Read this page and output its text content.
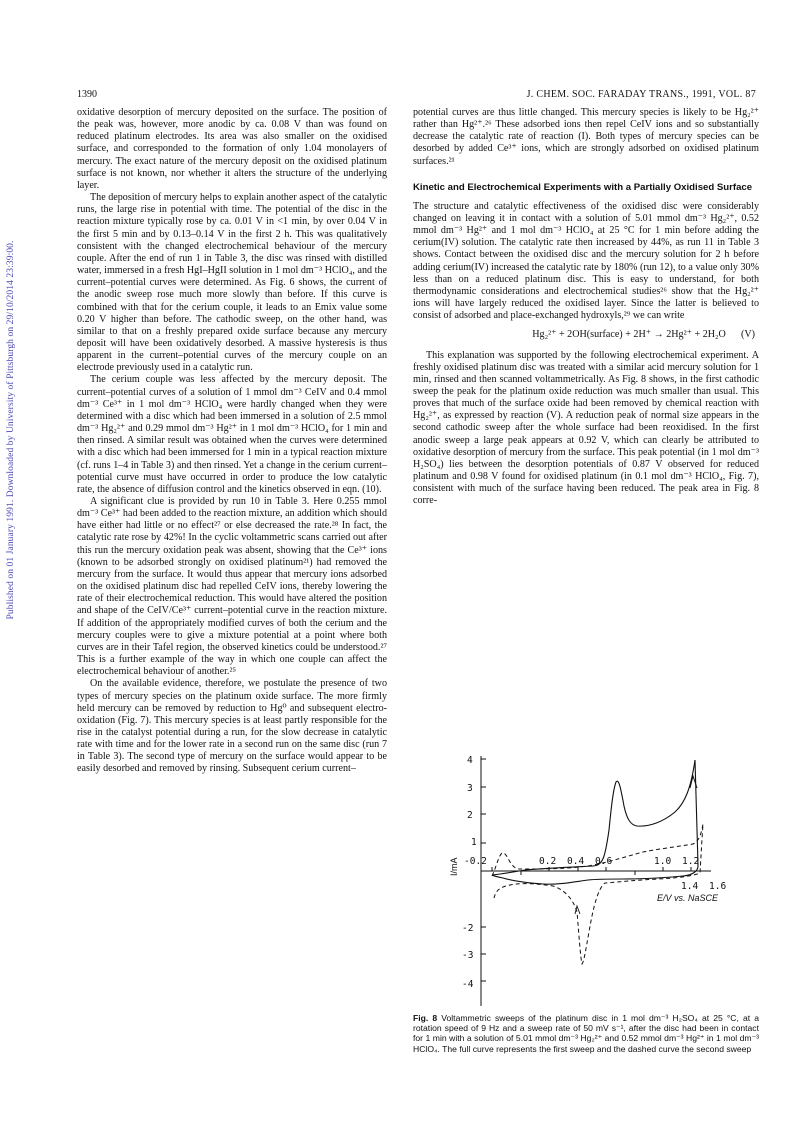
Published on 01 January 1991. Downloaded by University of Pittsburgh on 29/10/2014 23:39:00.
1390	J. CHEM. SOC. FARADAY TRANS., 1991, VOL. 87

oxidative desorption of mercury deposited on the surface. The position of the peak was, however, more anodic by ca. 0.08 V than was found on reduced platinum electrodes. Its area was also smaller on the oxidised surface, and corresponded to the formation of only 1.04 monolayers of mercury. The exact nature of the mercury deposit on the oxidised platinum surface is not known, nor whether it alters the structure of the underlying layer.

The deposition of mercury helps to explain another aspect of the catalytic runs, the large rise in potential with time. The potential of the disc in the reaction mixture typically rose by ca. 0.01 V in <1 min, by over 0.04 V in the first 5 min and by 0.13–0.14 V in the first 2 h. This was qualitatively consistent with the changed electrochemical behaviour of the mercury couple. After the end of run 1 in Table 3, the disc was rinsed with distilled water, immersed in a fresh HgI–HgII solution in 1 mol dm⁻³ HClO₄, and the current–potential curves were determined. As Fig. 6 shows, the current of the anodic sweep rose much more slowly than before. If this curve is combined with that for the cerium couple, it leads to an Emix value some 0.20 V higher than before. The cathodic sweep, on the other hand, was similar to that on a freshly prepared oxide surface because any mercury deposit will have been oxidatively desorbed. A massive hysteresis is thus apparent in the current–potential curves of the mercury couple on an electrode previously used in a catalytic run.

The cerium couple was less affected by the mercury deposit. The current–potential curves of a solution of 1 mmol dm⁻³ CeIV and 0.4 mmol dm⁻³ Ce³⁺ in 1 mol dm⁻³ HClO₄ were hardly changed when they were determined with a disc which had been immersed in a solution of 2.5 mmol dm⁻³ Hg₂²⁺ and 0.29 mmol dm⁻³ Hg²⁺ in 1 mol dm⁻³ HClO₄ for 1 min and then rinsed. A similar result was obtained when the curves were determined with a disc which had been immersed for 1 min in a typical reaction mixture (cf. runs 1–4 in Table 3) and then rinsed. Yet a change in the cerium current–potential curve must have occurred in order to produce the low catalytic rate, the absence of diffusion control and the kinetics observed in eqn. (10).

A significant clue is provided by run 10 in Table 3. Here 0.255 mmol dm⁻³ Ce³⁺ had been added to the reaction mixture, an addition which should have either had little or no effect²⁷ or else decreased the rate.²⁸ In fact, the catalytic rate rose by 42%! In the cyclic voltammetric scans carried out after this run the mercury oxidation peak was absent, showing that the Ce³⁺ ions (known to be adsorbed strongly on oxidised platinum²¹) had removed the mercury from the surface. It would thus appear that mercury ions adsorbed on the oxidised platinum disc had repelled CeIV ions, thereby lowering the rate of their electrochemical reduction. This would have altered the position and shape of the CeIV/Ce³⁺ current–potential curve in the reaction mixture. If addition of the appropriately modified curves of both the cerium and the mercury couples were to give a mixture potential at a point where both curves are in their Tafel region, the observed kinetics could be understood.²⁷ This is a further example of the way in which one couple can affect the electrochemical behaviour of another.²⁵

On the available evidence, therefore, we postulate the presence of two types of mercury species on the platinum oxide surface. The more firmly held mercury can be removed by reduction to Hg⁰ and subsequent electro-oxidation (Fig. 7). This mercury species is at least partly responsible for the rise in the catalyst potential during a run, for the slow decrease in catalytic rate with time and for the lower rate in a second run on the same disc (run 7 in Table 3). The second type of mercury on the surface would appear to be easily desorbed and removed by rinsing. Subsequent cerium current–

potential curves are thus little changed. This mercury species is likely to be Hg₂²⁺ rather than Hg²⁺.²⁶ These adsorbed ions then repel CeIV ions and so substantially decrease the catalytic rate of reaction (I). Both types of mercury species can be desorbed by added Ce³⁺ ions, which are strongly adsorbed on oxidised platinum surfaces.²¹

Kinetic and Electrochemical Experiments with a Partially Oxidised Surface

The structure and catalytic effectiveness of the oxidised disc were considerably changed on leaving it in contact with a solution of 5.01 mmol dm⁻³ Hg₂²⁺, 0.52 mmol dm⁻³ Hg²⁺ and 1 mol dm⁻³ HClO₄ at 25 °C for 1 min before adding the cerium(IV) solution. The catalytic rate then increased by 44%, as run 11 in Table 3 shows. Contact between the oxidised disc and the mercury solution for 2 h before adding cerium(IV) increased the catalytic rate by 180% (run 12), to a value only 30% less than on a reduced platinum disc. This is easy to understand, for both thermodynamic considerations and electrochemical studies²⁶ show that the Hg₂²⁺ ions will have largely reduced the oxidised layer. Since the latter is believed to consist of adsorbed and place-exchanged hydroxyls,²⁹ we can write

Hg₂²⁺ + 2OH(surface) + 2H⁺ → 2Hg²⁺ + 2H₂O (V)

This explanation was supported by the following electrochemical experiment. A freshly oxidised platinum disc was treated with a similar acid mercury solution for 1 min, rinsed and then scanned voltammetrically. As Fig. 8 shows, in the first cathodic sweep the peak for the platinum oxide reduction was much smaller than usual. This proves that much of the surface oxide had been removed by chemical reaction with Hg₂²⁺, as expressed by reaction (V). A reduction peak of normal size appears in the second cathodic sweep after the whole surface had been reoxidised. In the first anodic sweep a large peak appears at 0.92 V, which can clearly be attributed to oxidative desorption of mercury from the surface. This peak potential (in 1 mol dm⁻³ H₂SO₄) lies between the desorption potentials of 0.87 V observed for reduced platinum and 0.98 V found for oxidised platinum (in 0.1 mol dm⁻³ HClO₄, Fig. 7), consistent with much of the surface having been reduced. The peak area in Fig. 8 corre-

4
3
2
1
-2
-3
-4
-0.2	0.2 0.4 0.6	1.0 1.2
1.4 1.6
I/mA
E/V vs. NaSCE
Fig. 8 Voltammetric sweeps of the platinum disc in 1 mol dm⁻³ H₂SO₄ at 25 °C, at a rotation speed of 9 Hz and a sweep rate of 50 mV s⁻¹, after the disc had been in contact for 1 min with a solution of 5.01 mmol dm⁻³ Hg₂²⁺ and 0.52 mmol dm⁻³ Hg²⁺ in 1 mol dm⁻³ HClO₄. The full curve represents the first sweep and the dashed curve the second sweep
